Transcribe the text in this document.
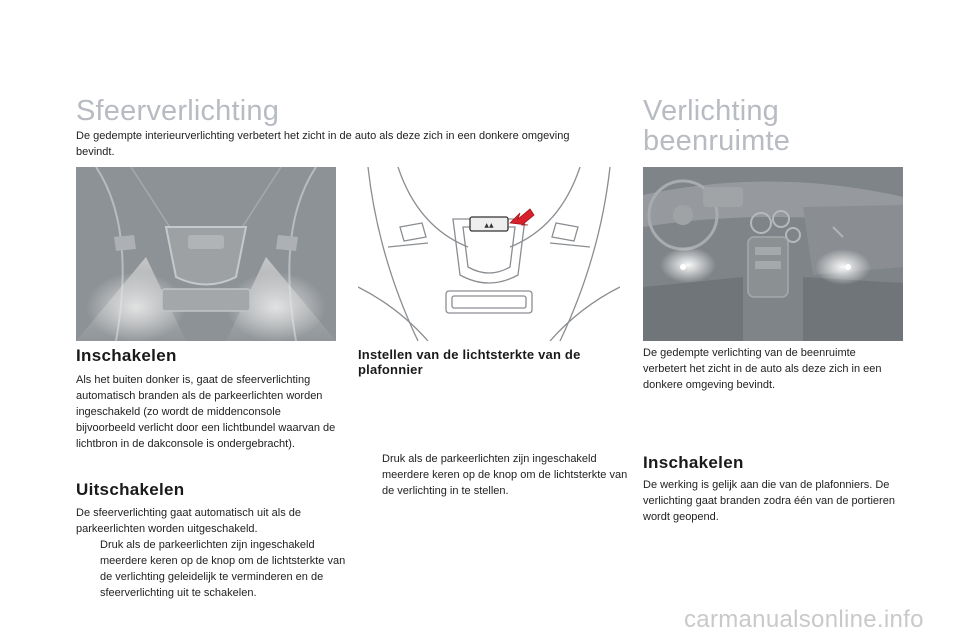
Sfeerverlichting
De gedempte interieurverlichting verbetert het zicht in de auto als deze zich in een donkere omgeving bevindt.
Inschakelen
Als het buiten donker is, gaat de sfeerverlichting automatisch branden als de parkeerlichten worden ingeschakeld (zo wordt de middenconsole bijvoorbeeld verlicht door een lichtbundel waarvan de lichtbron in de dakconsole is ondergebracht).
Uitschakelen
De sfeerverlichting gaat automatisch uit als de parkeerlichten worden uitgeschakeld.
Druk als de parkeerlichten zijn ingeschakeld meerdere keren op de knop om de lichtsterkte van de verlichting geleidelijk te verminderen en de sfeerverlichting uit te schakelen.
▲▲
Instellen van de lichtsterkte van de plafonnier
Druk als de parkeerlichten zijn ingeschakeld meerdere keren op de knop om de lichtsterkte van de verlichting in te stellen.
Verlichting
beenruimte
De gedempte verlichting van de beenruimte verbetert het zicht in de auto als deze zich in een donkere omgeving bevindt.
Inschakelen
De werking is gelijk aan die van de plafonniers. De verlichting gaat branden zodra één van de portieren wordt geopend.
carmanualsonline.info
